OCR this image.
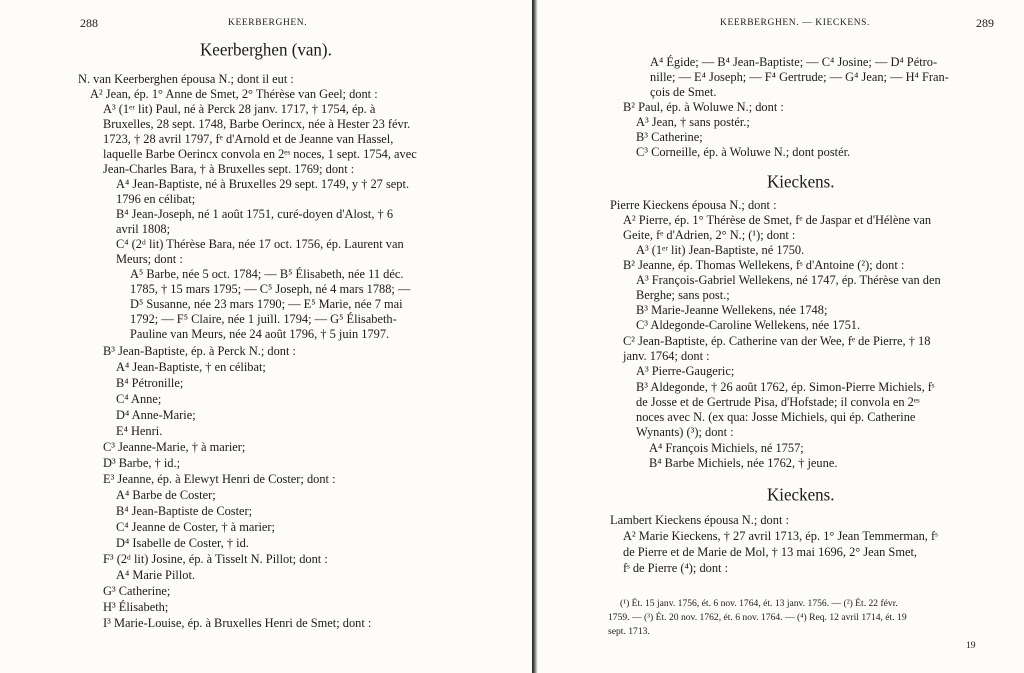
288	KEERBERGHEN.
Keerberghen (van).
N. van Keerberghen épousa N.; dont il eut :
A² Jean, ép. 1° Anne de Smet, 2° Thérèse van Geel; dont :
A³ (1ᵉʳ lit) Paul, né à Perck 28 janv. 1717, † 1754, ép. à
Bruxelles, 28 sept. 1748, Barbe Oerincx, née à Hester 23 févr.
1723, † 28 avril 1797, fᵉ d'Arnold et de Jeanne van Hassel,
laquelle Barbe Oerincx convola en 2ᵉˢ noces, 1 sept. 1754, avec
Jean-Charles Bara, † à Bruxelles sept. 1769; dont :
A⁴ Jean-Baptiste, né à Bruxelles 29 sept. 1749, y † 27 sept.
1796 en célibat;
B⁴ Jean-Joseph, né 1 août 1751, curé-doyen d'Alost, † 6
avril 1808;
C⁴ (2ᵈ lit) Thérèse Bara, née 17 oct. 1756, ép. Laurent van
Meurs; dont :
A⁵ Barbe, née 5 oct. 1784; — B⁵ Élisabeth, née 11 déc.
1785, † 15 mars 1795; — C⁵ Joseph, né 4 mars 1788; —
D⁵ Susanne, née 23 mars 1790; — E⁵ Marie, née 7 mai
1792; — F⁵ Claire, née 1 juill. 1794; — G⁵ Élisabeth-
Pauline van Meurs, née 24 août 1796, † 5 juin 1797.
B³ Jean-Baptiste, ép. à Perck N.; dont :
A⁴ Jean-Baptiste, † en célibat;
B⁴ Pétronille;
C⁴ Anne;
D⁴ Anne-Marie;
E⁴ Henri.
C³ Jeanne-Marie, † à marier;
D³ Barbe, † id.;
E³ Jeanne, ép. à Elewyt Henri de Coster; dont :
A⁴ Barbe de Coster;
B⁴ Jean-Baptiste de Coster;
C⁴ Jeanne de Coster, † à marier;
D⁴ Isabelle de Coster, † id.
F³ (2ᵈ lit) Josine, ép. à Tisselt N. Pillot; dont :
A⁴ Marie Pillot.
G³ Catherine;
H³ Élisabeth;
I³ Marie-Louise, ép. à Bruxelles Henri de Smet; dont :
KEERBERGHEN. — KIECKENS.	289
A⁴ Égide; — B⁴ Jean-Baptiste; — C⁴ Josine; — D⁴ Pétro-
nille; — E⁴ Joseph; — F⁴ Gertrude; — G⁴ Jean; — H⁴ Fran-
çois de Smet.
B² Paul, ép. à Woluwe N.; dont :
A³ Jean, † sans postér.;
B³ Catherine;
C³ Corneille, ép. à Woluwe N.; dont postér.
Kieckens.
Pierre Kieckens épousa N.; dont :
A² Pierre, ép. 1° Thérèse de Smet, fᵉ de Jaspar et d'Hélène van
Geite, fᵉ d'Adrien, 2° N.; (¹); dont :
A³ (1ᵉʳ lit) Jean-Baptiste, né 1750.
B² Jeanne, ép. Thomas Wellekens, fˢ d'Antoine (²); dont :
A³ François-Gabriel Wellekens, né 1747, ép. Thérèse van den
Berghe; sans post.;
B³ Marie-Jeanne Wellekens, née 1748;
C³ Aldegonde-Caroline Wellekens, née 1751.
C² Jean-Baptiste, ép. Catherine van der Wee, fᵉ de Pierre, † 18
janv. 1764; dont :
A³ Pierre-Gaugeric;
B³ Aldegonde, † 26 août 1762, ép. Simon-Pierre Michiels, fˢ
de Josse et de Gertrude Pisa, d'Hofstade; il convola en 2ᵉˢ
noces avec N. (ex qua: Josse Michiels, qui ép. Catherine
Wynants) (³); dont :
A⁴ François Michiels, né 1757;
B⁴ Barbe Michiels, née 1762, † jeune.
Kieckens.
Lambert Kieckens épousa N.; dont :
A² Marie Kieckens, † 27 avril 1713, ép. 1° Jean Temmerman, fˢ
de Pierre et de Marie de Mol, † 13 mai 1696, 2° Jean Smet,
fˢ de Pierre (⁴); dont :
(¹) Ét. 15 janv. 1756, ét. 6 nov. 1764, ét. 13 janv. 1756. — (²) Ét. 22 févr.
1759. — (³) Ét. 20 nov. 1762, ét. 6 nov. 1764. — (⁴) Req. 12 avril 1714, ét. 19
sept. 1713.
19
